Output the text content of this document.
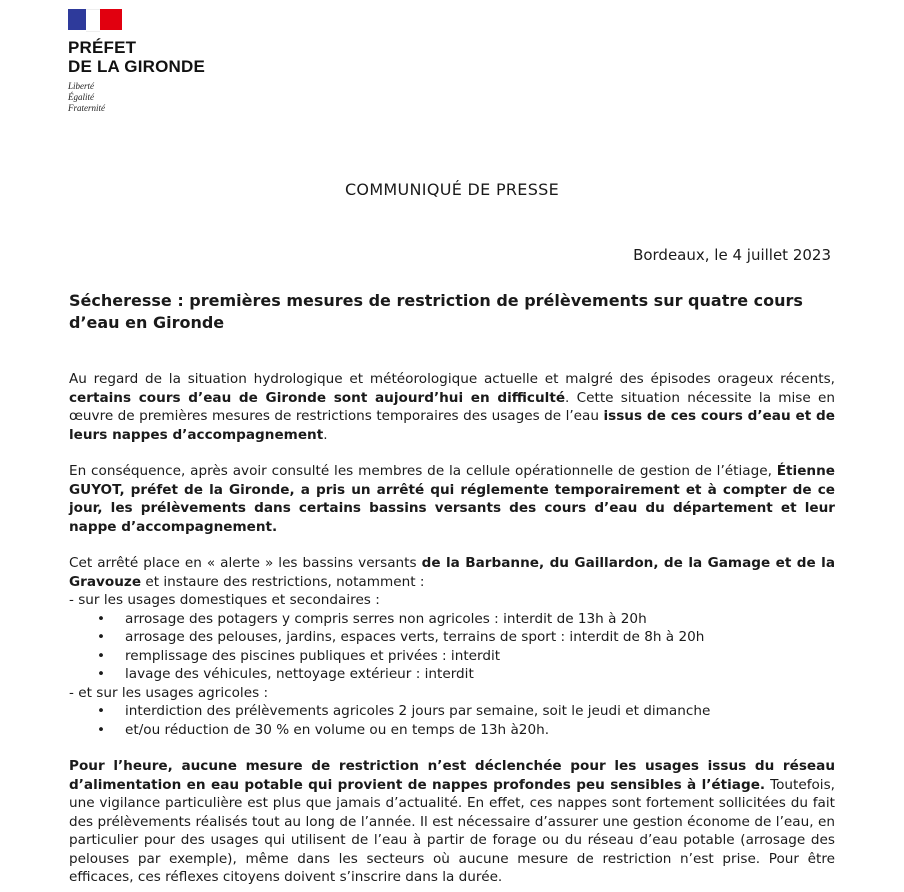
PRÉFET
DE LA GIRONDE
Liberté
Égalité
Fraternité
COMMUNIQUÉ DE PRESSE
Bordeaux, le 4 juillet 2023
Sécheresse : premières mesures de restriction de prélèvements sur quatre cours d’eau en Gironde

Au regard de la situation hydrologique et météorologique actuelle et malgré des épisodes orageux récents, certains cours d’eau de Gironde sont aujourd’hui en difficulté. Cette situation nécessite la mise en œuvre de premières mesures de restrictions temporaires des usages de l’eau issus de ces cours d’eau et de leurs nappes d’accompagnement.

En conséquence, après avoir consulté les membres de la cellule opérationnelle de gestion de l’étiage, Étienne GUYOT, préfet de la Gironde, a pris un arrêté qui réglemente temporairement et à compter de ce jour, les prélèvements dans certains bassins versants des cours d’eau du département et leur nappe d’accompagnement.

Cet arrêté place en « alerte » les bassins versants de la Barbanne, du Gaillardon, de la Gamage et de la Gravouze et instaure des restrictions, notamment :

- sur les usages domestiques et secondaires :

• arrosage des potagers y compris serres non agricoles : interdit de 13h à 20h
• arrosage des pelouses, jardins, espaces verts, terrains de sport : interdit de 8h à 20h
• remplissage des piscines publiques et privées : interdit
• lavage des véhicules, nettoyage extérieur : interdit

- et sur les usages agricoles :

• interdiction des prélèvements agricoles 2 jours par semaine, soit le jeudi et dimanche
• et/ou réduction de 30 % en volume ou en temps de 13h à20h.

Pour l’heure, aucune mesure de restriction n’est déclenchée pour les usages issus du réseau d’alimentation en eau potable qui provient de nappes profondes peu sensibles à l’étiage. Toutefois, une vigilance particulière est plus que jamais d’actualité. En effet, ces nappes sont fortement sollicitées du fait des prélèvements réalisés tout au long de l’année. Il est nécessaire d’assurer une gestion économe de l’eau, en particulier pour des usages qui utilisent de l’eau à partir de forage ou du réseau d’eau potable (arrosage des pelouses par exemple), même dans les secteurs où aucune mesure de restriction n’est prise. Pour être efficaces, ces réflexes citoyens doivent s’inscrire dans la durée.
